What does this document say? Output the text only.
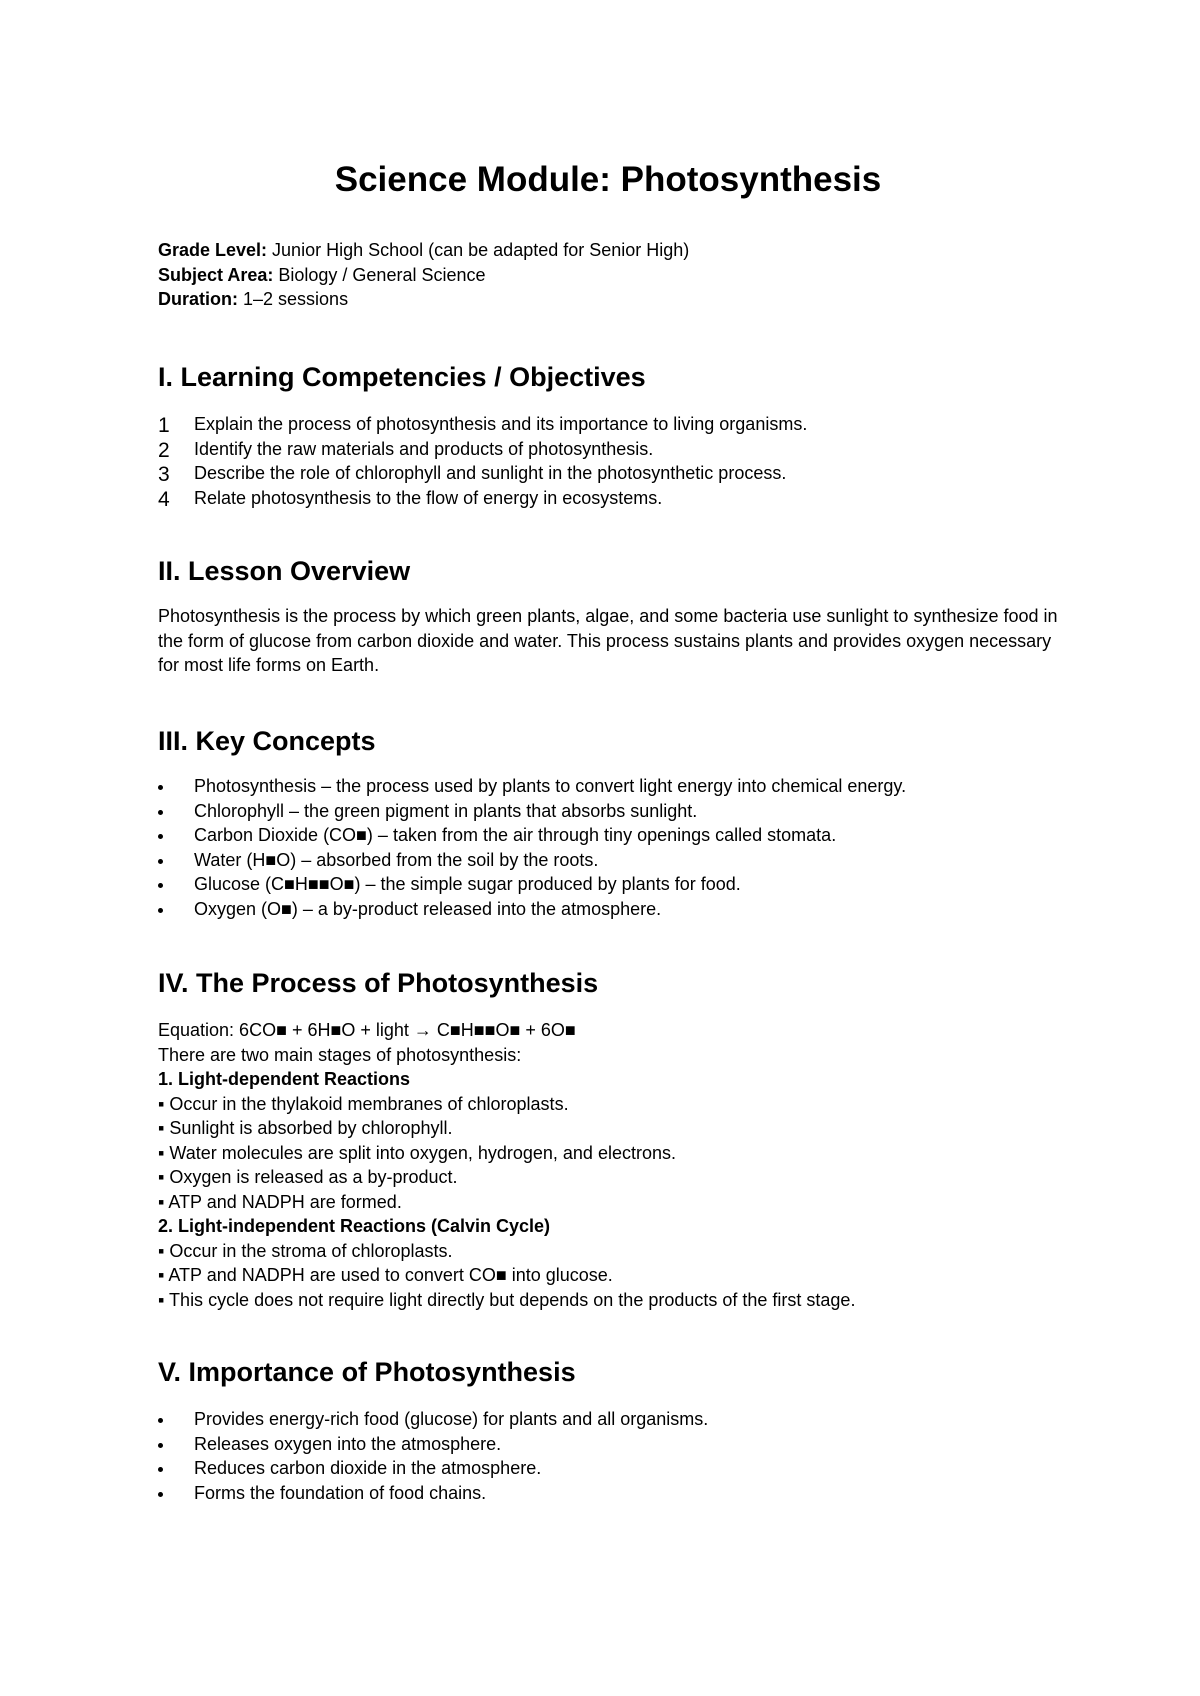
Science Module: Photosynthesis
Grade Level: Junior High School (can be adapted for Senior High)
Subject Area: Biology / General Science
Duration: 1–2 sessions
I. Learning Competencies / Objectives
1 Explain the process of photosynthesis and its importance to living organisms.
2 Identify the raw materials and products of photosynthesis.
3 Describe the role of chlorophyll and sunlight in the photosynthetic process.
4 Relate photosynthesis to the flow of energy in ecosystems.
II. Lesson Overview

Photosynthesis is the process by which green plants, algae, and some bacteria use sunlight to synthesize food in the form of glucose from carbon dioxide and water. This process sustains plants and provides oxygen necessary for most life forms on Earth.

III. Key Concepts
Photosynthesis – the process used by plants to convert light energy into chemical energy.
Chlorophyll – the green pigment in plants that absorbs sunlight.
Carbon Dioxide (CO■) – taken from the air through tiny openings called stomata.
Water (H■O) – absorbed from the soil by the roots.
Glucose (C■H■■O■) – the simple sugar produced by plants for food.
Oxygen (O■) – a by-product released into the atmosphere.
IV. The Process of Photosynthesis
Equation: 6CO■ + 6H■O + light → C■H■■O■ + 6O■
There are two main stages of photosynthesis:
1. Light-dependent Reactions
▪ Occur in the thylakoid membranes of chloroplasts.
▪ Sunlight is absorbed by chlorophyll.
▪ Water molecules are split into oxygen, hydrogen, and electrons.
▪ Oxygen is released as a by-product.
▪ ATP and NADPH are formed.
2. Light-independent Reactions (Calvin Cycle)
▪ Occur in the stroma of chloroplasts.
▪ ATP and NADPH are used to convert CO■ into glucose.
▪ This cycle does not require light directly but depends on the products of the first stage.
V. Importance of Photosynthesis
Provides energy-rich food (glucose) for plants and all organisms.
Releases oxygen into the atmosphere.
Reduces carbon dioxide in the atmosphere.
Forms the foundation of food chains.
